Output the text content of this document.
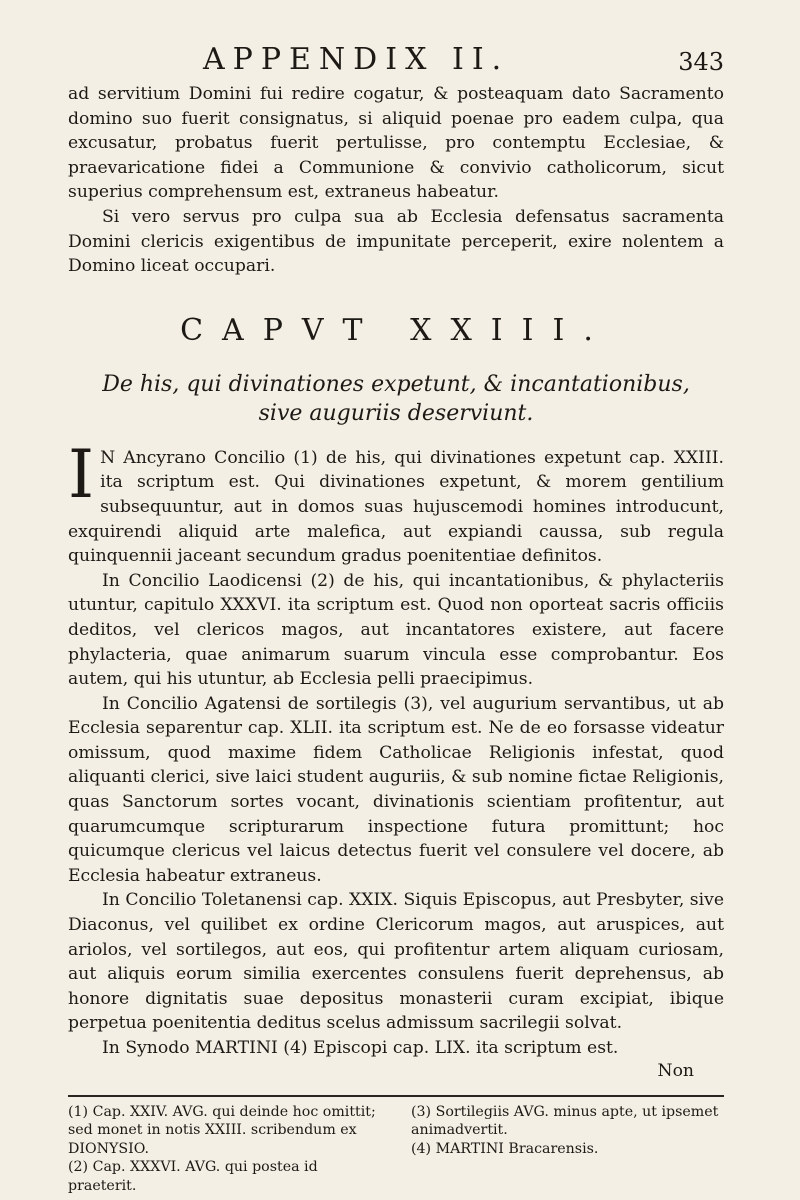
APPENDIX II.	343

ad servitium Domini fui redire cogatur, & posteaquam dato Sacramento domino suo fuerit consignatus, si aliquid poenae pro eadem culpa, qua excusatur, probatus fuerit pertulisse, pro contemptu Ecclesiae, & praevaricatione fidei a Communione & convivio catholicorum, sicut superius comprehensum est, extraneus habeatur.

Si vero servus pro culpa sua ab Ecclesia defensatus sacramenta Domini clericis exigentibus de impunitate perceperit, exire nolentem a Domino liceat occupari.

CAPVT XXIII.
De his, qui divinationes expetunt, & incantationibus,
sive auguriis deserviunt.

I N Ancyrano Concilio (1) de his, qui divinationes expetunt cap. XXIII. ita scriptum est. Qui divinationes expetunt, & morem gentilium subsequuntur, aut in domos suas hujuscemodi homines introducunt, exquirendi aliquid arte malefica, aut expiandi caussa, sub regula quinquennii jaceant secundum gradus poenitentiae definitos.

In Concilio Laodicensi (2) de his, qui incantationibus, & phylacteriis utuntur, capitulo XXXVI. ita scriptum est. Quod non oporteat sacris officiis deditos, vel clericos magos, aut incantatores existere, aut facere phylacteria, quae animarum suarum vincula esse comprobantur. Eos autem, qui his utuntur, ab Ecclesia pelli praecipimus.

In Concilio Agatensi de sortilegis (3), vel augurium servantibus, ut ab Ecclesia separentur cap. XLII. ita scriptum est. Ne de eo forsasse videatur omissum, quod maxime fidem Catholicae Religionis infestat, quod aliquanti clerici, sive laici student auguriis, & sub nomine fictae Religionis, quas Sanctorum sortes vocant, divinationis scientiam profitentur, aut quarumcumque scripturarum inspectione futura promittunt; hoc quicumque clericus vel laicus detectus fuerit vel consulere vel docere, ab Ecclesia habeatur extraneus.

In Concilio Toletanensi cap. XXIX. Siquis Episcopus, aut Presbyter, sive Diaconus, vel quilibet ex ordine Clericorum magos, aut aruspices, aut ariolos, vel sortilegos, aut eos, qui profitentur artem aliquam curiosam, aut aliquis eorum similia exercentes consulens fuerit deprehensus, ab honore dignitatis suae depositus monasterii curam excipiat, ibique perpetua poenitentia deditus scelus admissum sacrilegii solvat.

In Synodo MARTINI (4) Episcopi cap. LIX. ita scriptum est.

Non

(1) Cap. XXIV. AVG. qui deinde hoc omittit; sed monet in notis XXIII. scribendum ex DIONYSIO.

(2) Cap. XXXVI. AVG. qui postea id praeterit.

(3) Sortilegiis AVG. minus apte, ut ipsemet animadvertit.

(4) MARTINI Bracarensis.
